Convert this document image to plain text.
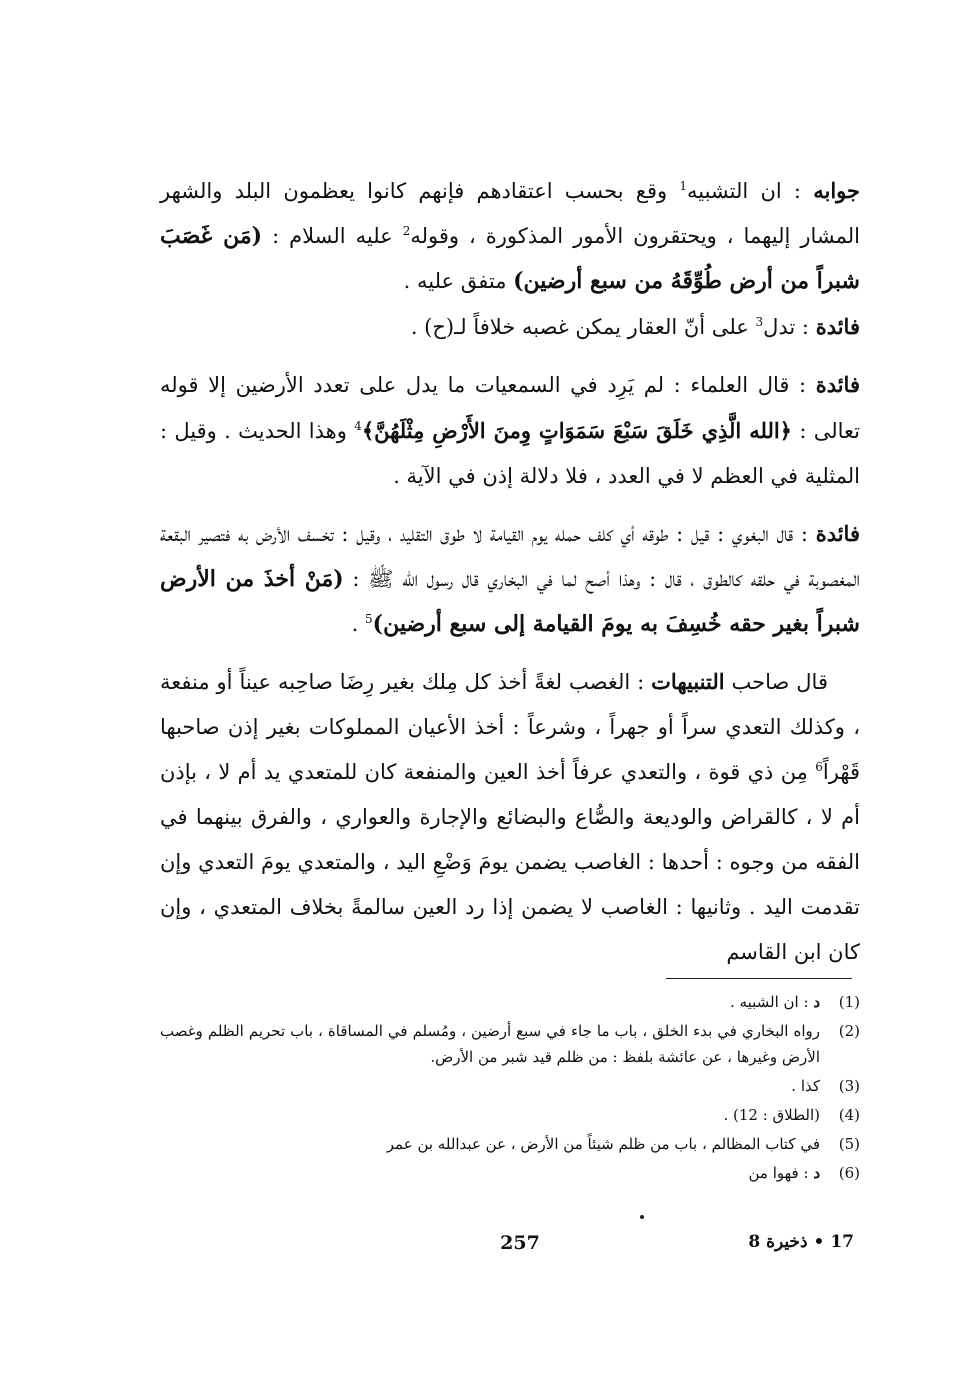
جوابه : ان التشبيه$^1$ وقع بحسب اعتقادهم فإنهم كانوا يعظمون البلد والشهر المشار إليهما ، ويحتقرون الأمور المذكورة ، وقوله$^2$ عليه السلام : (مَن غَصَبَ شبراً من أرض طُوِّقَهُ من سبع أرضين) متفق عليه .

فائدة : تدل$^3$ على أنّ العقار يمكن غصبه خلافاً لـ(ح) .

فائدة : قال العلماء : لم يَرِد في السمعيات ما يدل على تعدد الأرضين إلا قوله تعالى : ﴿الله الَّذِي خَلَقَ سَبْعَ سَمَوَاتٍ وِمنَ الأَرْضِ مِثْلَهُنَّ﴾$^4$ وهذا الحديث . وقيل : المثلية في العظم لا في العدد ، فلا دلالة إذن في الآية .

فائدة : قال البغوي : قيل : طوقه أي كلف حمله يوم القيامة لا طوق التقليد ، وقيل : تخسف الأرض به فتصير البقعة المغصوبة في حلقه كالطوق ، قال : وهذا أصح لما في البخاري قال رسول الله ﷺ : (مَنْ أخذَ من الأرض شبراً بغير حقه خُسِفَ به يومَ القيامة إلى سبع أرضين)$^5$ .

قال صاحب التنبيهات : الغصب لغةً أخذ كل مِلك بغير رِضَا صاحِبه عيناً أو منفعة ، وكذلك التعدي سراً أو جهراً ، وشرعاً : أخذ الأعيان المملوكات بغير إذن صاحبها قَهْراً$^6$ مِن ذي قوة ، والتعدي عرفاً أخذ العين والمنفعة كان للمتعدي يد أم لا ، بإذن أم لا ، كالقراض والوديعة والصُّاع والبضائع والإجارة والعواري ، والفرق بينهما في الفقه من وجوه : أحدها : الغاصب يضمن يومَ وَضْعِ اليد ، والمتعدي يومَ التعدي وإن تقدمت اليد . وثانيها : الغاصب لا يضمن إذا رد العين سالمةً بخلاف المتعدي ، وإن كان ابن القاسم

(1)
د : ان الشبيه .
(2)
رواه البخاري في بدء الخلق ، باب ما جاء في سبع أرضين ، ومُسلم في المساقاة ، باب تحريم الظلم وغصب الأرض وغيرها ، عن عائشة بلفظ : من ظلم قيد شبر من الأرض.
(3)
كذا .
(4)
(الطلاق : 12) .
(5)
في كتاب المظالم ، باب من ظلم شيئاً من الأرض ، عن عبدالله بن عمر
(6)
د : فهوا من
257	17 • ذخيرة 8
